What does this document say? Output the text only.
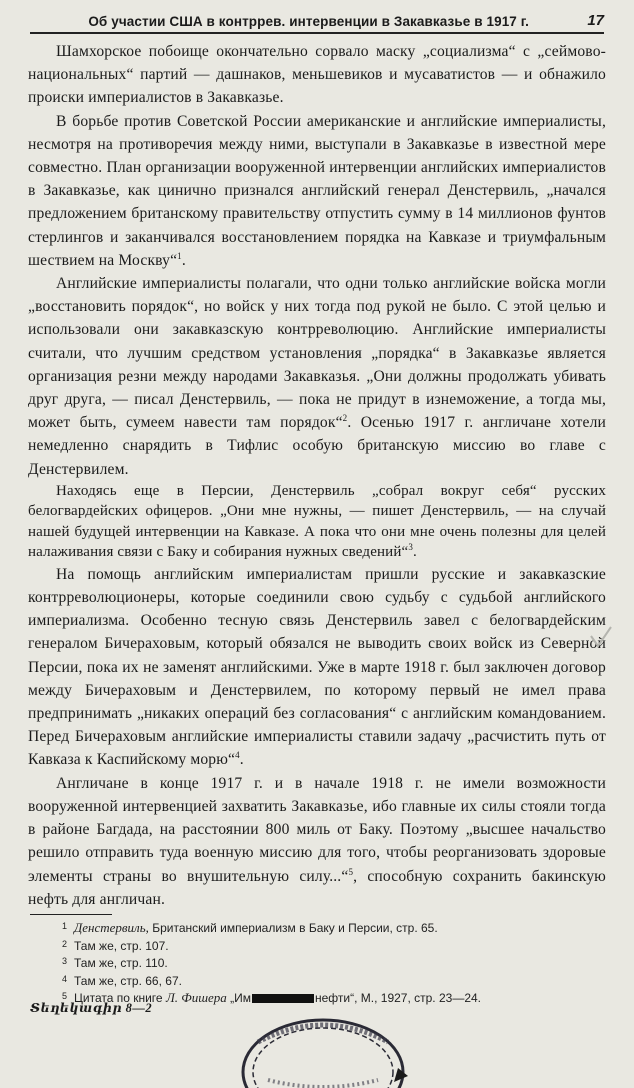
Об участии США в контррев. интервенции в Закавказье в 1917 г.	17

Шамхорское побоище окончательно сорвало маску „социализма“ с „сеймово-национальных“ партий — дашнаков, меньшевиков и мусаватистов — и обнажило происки империалистов в Закавказье.

В борьбе против Советской России американские и английские империалисты, несмотря на противоречия между ними, выступали в Закавказье в известной мере совместно. План организации вооруженной интервенции английских империалистов в Закавказье, как цинично признался английский генерал Денстервиль, „начался предложением британскому правительству отпустить сумму в 14 миллионов фунтов стерлингов и заканчивался восстановлением порядка на Кавказе и триумфальным шествием на Москву“$^1$.

Английские империалисты полагали, что одни только английские войска могли „восстановить порядок“, но войск у них тогда под рукой не было. С этой целью и использовали они закавказскую контрреволюцию. Английские империалисты считали, что лучшим средством установления „порядка“ в Закавказье является организация резни между народами Закавказья. „Они должны продолжать убивать друг друга, — писал Денстервиль, — пока не придут в изнеможение, а тогда мы, может быть, сумеем навести там порядок“$^2$. Осенью 1917 г. англичане хотели немедленно снарядить в Тифлис особую британскую миссию во главе с Денстервилем.

Находясь еще в Персии, Денстервиль „собрал вокруг себя“ русских белогвардейских офицеров. „Они мне нужны, — пишет Денстервиль, — на случай нашей будущей интервенции на Кавказе. А пока что они мне очень полезны для целей налаживания связи с Баку и собирания нужных сведений“$^3$.

На помощь английским империалистам пришли русские и закавказские контрреволюционеры, которые соединили свою судьбу с судьбой английского империализма. Особенно тесную связь Денстервиль завел с белогвардейским генералом Бичераховым, который обязался не выводить своих войск из Северной Персии, пока их не заменят английскими. Уже в марте 1918 г. был заключен договор между Бичераховым и Денстервилем, по которому первый не имел права предпринимать „никаких операций без согласования“ с английским командованием. Перед Бичераховым английские империалисты ставили задачу „расчистить путь от Кавказа к Каспийскому морю“$^4$.

Англичане в конце 1917 г. и в начале 1918 г. не имели возможности вооруженной интервенцией захватить Закавказье, ибо главные их силы стояли тогда в районе Багдада, на расстоянии 800 миль от Баку. Поэтому „высшее начальство решило отправить туда военную миссию для того, чтобы реорганизовать здоровые элементы страны во внушительную силу...“$^5$, способную сохранить бакинскую нефть для англичан.

1 Денстервиль, Британский империализм в Баку и Персии, стр. 65.
2 Там же, стр. 107.
3 Там же, стр. 110.
4 Там же, стр. 66, 67.
5 Цитата по книге Л. Фишера „Им	нефти“, М., 1927, стр. 23—24.
Տեղեկագիր 8—2
